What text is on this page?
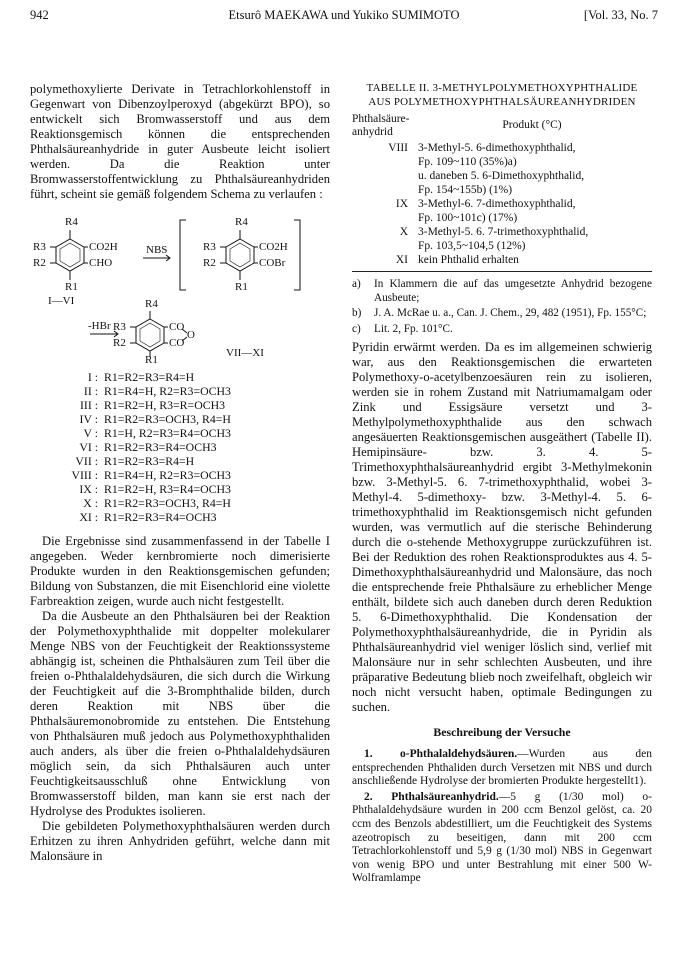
942	Etsurô MAEKAWA und Yukiko SUMIMOTO	[Vol. 33, No. 7

polymethoxylierte Derivate in Tetrachlorkohlenstoff in Gegenwart von Dibenzoylperoxyd (abgekürzt BPO), so entwickelt sich Bromwasserstoff und aus dem Reaktionsgemisch können die entsprechenden Phthalsäureanhydride in guter Ausbeute leicht isoliert werden. Da die Reaktion unter Bromwasserstoffentwicklung zu Phthalsäureanhydriden führt, scheint sie gemäß folgendem Schema zu verlaufen :

R4
R3
R2
R1
CO2H
CHO
I—VI
NBS
R4
R3
R2
R1
CO2H
COBr
-HBr
R4
R3
R2
R1
CO
CO
O
VII—XI
I : R1=R2=R3=R4=H
II : R1=R4=H, R2=R3=OCH3
III : R1=R2=H, R3=R=OCH3
IV : R1=R2=R3=OCH3, R4=H
V : R1=H, R2=R3=R4=OCH3
VI : R1=R2=R3=R4=OCH3
VII : R1=R2=R3=R4=H
VIII : R1=R4=H, R2=R3=OCH3
IX : R1=R2=H, R3=R4=OCH3
X : R1=R2=R3=OCH3, R4=H
XI : R1=R2=R3=R4=OCH3

Die Ergebnisse sind zusammenfassend in der Tabelle I angegeben. Weder kernbromierte noch dimerisierte Produkte wurden in den Reaktionsgemischen gefunden; Bildung von Substanzen, die mit Eisenchlorid eine violette Farbreaktion zeigen, wurde auch nicht festgestellt.

Da die Ausbeute an den Phthalsäuren bei der Reaktion der Polymethoxyphthalide mit doppelter molekularer Menge NBS von der Feuchtigkeit der Reaktionssysteme abhängig ist, scheinen die Phthalsäuren zum Teil über die freien o-Phthalaldehydsäuren, die sich durch die Wirkung der Feuchtigkeit auf die 3-Bromphthalide bilden, durch deren Reaktion mit NBS über die Phthalsäuremonobromide zu entstehen. Die Entstehung von Phthalsäuren muß jedoch aus Polymethoxyphthaliden auch anders, als über die freien o-Phthalaldehydsäuren möglich sein, da sich Phthalsäuren auch unter Feuchtigkeitsausschluß ohne Entwicklung von Bromwasserstoff bilden, man kann sie erst nach der Hydrolyse des Produktes isolieren.

Die gebildeten Polymethoxyphthalsäuren werden durch Erhitzen zu ihren Anhydriden geführt, welche dann mit Malonsäure in

TABELLE II. 3-METHYLPOLYMETHOXYPHTHALIDE
AUS POLYMETHOXYPHTHALSÄUREANHYDRIDEN
Phthalsäure-
anhydrid
Produkt (°C)
VIII 3-Methyl-5. 6-dimethoxyphthalid,
Fp. 109~110 (35%)a)
u. daneben 5. 6-Dimethoxyphthalid,
Fp. 154~155b) (1%)
IX 3-Methyl-6. 7-dimethoxyphthalid,
Fp. 100~101c) (17%)
X 3-Methyl-5. 6. 7-trimethoxyphthalid,
Fp. 103,5~104,5 (12%)
XI kein Phthalid erhalten
a)	In Klammern die auf das umgesetzte Anhydrid bezogene Ausbeute;
b)	J. A. McRae u. a., Can. J. Chem., 29, 482 (1951), Fp. 155°C;
c)	Lit. 2, Fp. 101°C.

Pyridin erwärmt werden. Da es im allgemeinen schwierig war, aus den Reaktionsgemischen die erwarteten Polymethoxy-o-acetylbenzoesäuren rein zu isolieren, werden sie in rohem Zustand mit Natriumamalgam oder Zink und Essigsäure versetzt und 3-Methylpolymethoxyphthalide aus den schwach angesäuerten Reaktionsgemischen ausgeäthert (Tabelle II). Hemipinsäure- bzw. 3. 4. 5-Trimethoxyphthalsäureanhydrid ergibt 3-Methylmekonin bzw. 3-Methyl-5. 6. 7-trimethoxyphthalid, wobei 3-Methyl-4. 5-dimethoxy- bzw. 3-Methyl-4. 5. 6-trimethoxyphthalid im Reaktionsgemisch nicht gefunden wurden, was vermutlich auf die sterische Behinderung durch die o-stehende Methoxygruppe zurückzuführen ist. Bei der Reduktion des rohen Reaktionsproduktes aus 4. 5-Dimethoxyphthalsäureanhydrid und Malonsäure, das noch die entsprechende freie Phthalsäure zu erheblicher Menge enthält, bildete sich auch daneben durch deren Reduktion 5. 6-Dimethoxyphthalid. Die Kondensation der Polymethoxyphthalsäureanhydride, die in Pyridin als Phthalsäureanhydrid viel weniger löslich sind, verlief mit Malonsäure nur in sehr schlechten Ausbeuten, und ihre präparative Bedeutung blieb noch zweifelhaft, obgleich wir noch nicht versucht haben, optimale Bedingungen zu suchen.

Beschreibung der Versuche

1. o-Phthalaldehydsäuren.—Wurden aus den entsprechenden Phthaliden durch Versetzen mit NBS und durch anschließende Hydrolyse der bromierten Produkte hergestellt1).

2. Phthalsäureanhydrid.—5 g (1/30 mol) o-Phthalaldehydsäure wurden in 200 ccm Benzol gelöst, ca. 20 ccm des Benzols abdestilliert, um die Feuchtigkeit des Systems azeotropisch zu beseitigen, dann mit 200 ccm Tetrachlorkohlenstoff und 5,9 g (1/30 mol) NBS in Gegenwart von wenig BPO und unter Bestrahlung mit einer 500 W-Wolframlampe
